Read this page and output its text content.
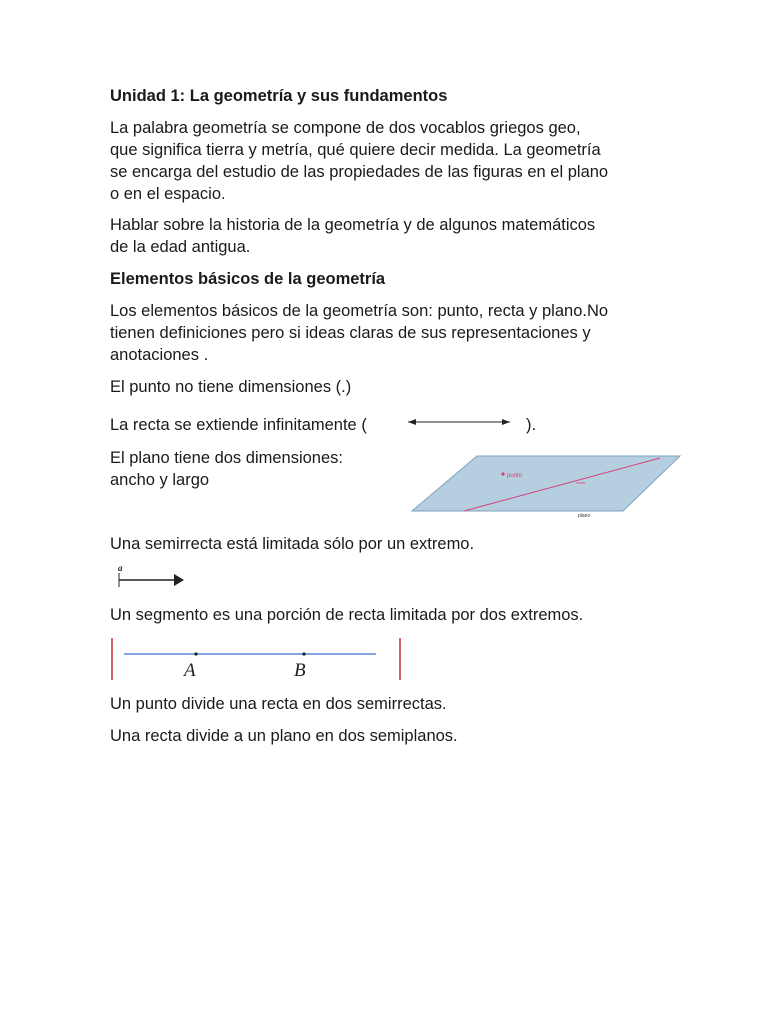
Unidad 1: La geometría y sus fundamentos

La palabra geometría se compone de dos vocablos griegos geo,

que significa tierra y metría, qué quiere decir medida. La geometría

se encarga del estudio de las propiedades de las figuras en el plano

o en el espacio.

Hablar sobre la historia de la geometría y de algunos matemáticos

de la edad antigua.

Elementos básicos de la geometría

Los elementos básicos de la geometría son: punto, recta y plano.No

tienen definiciones pero si ideas claras de sus representaciones y

anotaciones .

El punto no tiene dimensiones (.)

La recta se extiende infinitamente (	).

El plano tiene dos dimensiones:

ancho y largo	punto
recta
plano

Una semirrecta está limitada sólo por un extremo.

a

Un segmento es una porción de recta limitada por dos extremos.

A	B

Un punto divide una recta en dos semirrectas.

Una recta divide a un plano en dos semiplanos.
